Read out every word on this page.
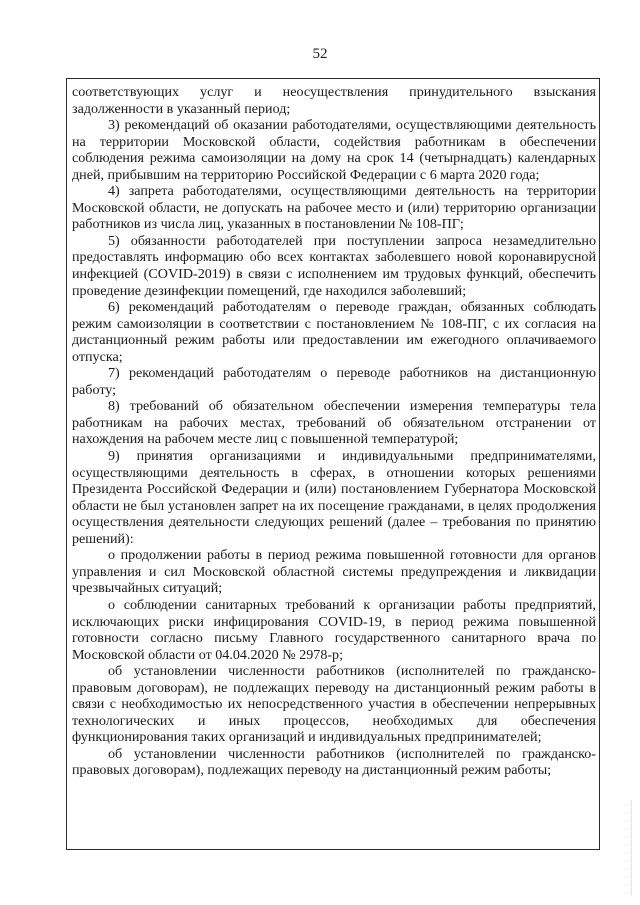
52

соответствующих услуг и неосуществления принудительного взыскания задолженности в указанный период;

3) рекомендаций об оказании работодателями, осуществляющими деятельность на территории Московской области, содействия работникам в обеспечении соблюдения режима самоизоляции на дому на срок 14 (четырнадцать) календарных дней, прибывшим на территорию Российской Федерации с 6 марта 2020 года;

4) запрета работодателями, осуществляющими деятельность на территории Московской области, не допускать на рабочее место и (или) территорию организации работников из числа лиц, указанных в постановлении № 108-ПГ;

5) обязанности работодателей при поступлении запроса незамедлительно предоставлять информацию обо всех контактах заболевшего новой коронавирусной инфекцией (COVID-2019) в связи с исполнением им трудовых функций, обеспечить проведение дезинфекции помещений, где находился заболевший;

6) рекомендаций работодателям о переводе граждан, обязанных соблюдать режим самоизоляции в соответствии с постановлением № 108-ПГ, с их согласия на дистанционный режим работы или предоставлении им ежегодного оплачиваемого отпуска;

7) рекомендаций работодателям о переводе работников на дистанционную работу;

8) требований об обязательном обеспечении измерения температуры тела работникам на рабочих местах, требований об обязательном отстранении от нахождения на рабочем месте лиц с повышенной температурой;

9) принятия организациями и индивидуальными предпринимателями, осуществляющими деятельность в сферах, в отношении которых решениями Президента Российской Федерации и (или) постановлением Губернатора Московской области не был установлен запрет на их посещение гражданами, в целях продолжения осуществления деятельности следующих решений (далее – требования по принятию решений):

о продолжении работы в период режима повышенной готовности для органов управления и сил Московской областной системы предупреждения и ликвидации чрезвычайных ситуаций;

о соблюдении санитарных требований к организации работы предприятий, исключающих риски инфицирования COVID-19, в период режима повышенной готовности согласно письму Главного государственного санитарного врача по Московской области от 04.04.2020 № 2978-р;

об установлении численности работников (исполнителей по гражданско-правовым договорам), не подлежащих переводу на дистанционный режим работы в связи с необходимостью их непосредственного участия в обеспечении непрерывных технологических и иных процессов, необходимых для обеспечения функционирования таких организаций и индивидуальных предпринимателей;

об установлении численности работников (исполнителей по гражданско-правовых договорам), подлежащих переводу на дистанционный режим работы;
